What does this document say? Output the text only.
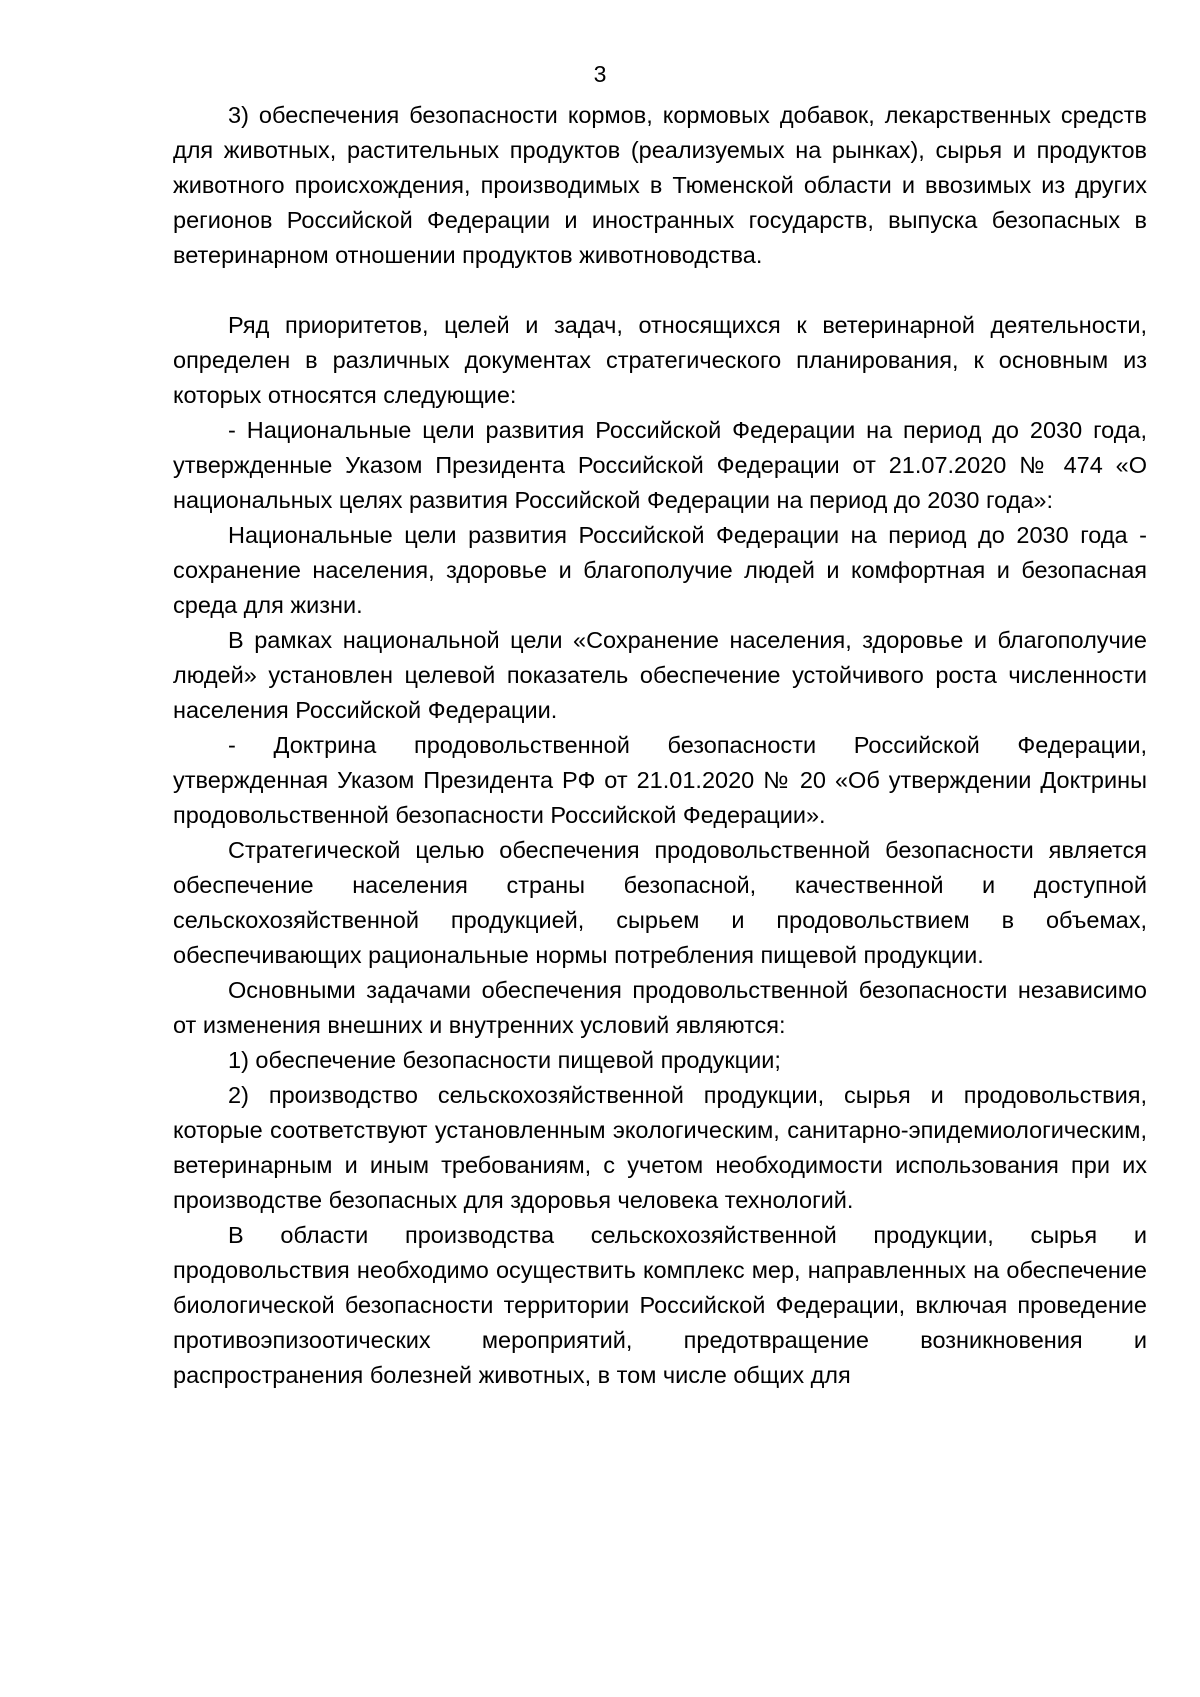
3

3) обеспечения безопасности кормов, кормовых добавок, лекарственных средств для животных, растительных продуктов (реализуемых на рынках), сырья и продуктов животного происхождения, производимых в Тюменской области и ввозимых из других регионов Российской Федерации и иностранных государств, выпуска безопасных в ветеринарном отношении продуктов животноводства.

Ряд приоритетов, целей и задач, относящихся к ветеринарной деятельности, определен в различных документах стратегического планирования, к основным из которых относятся следующие:

- Национальные цели развития Российской Федерации на период до 2030 года, утвержденные Указом Президента Российской Федерации от 21.07.2020 № 474 «О национальных целях развития Российской Федерации на период до 2030 года»:

Национальные цели развития Российской Федерации на период до 2030 года - сохранение населения, здоровье и благополучие людей и комфортная и безопасная среда для жизни.

В рамках национальной цели «Сохранение населения, здоровье и благополучие людей» установлен целевой показатель обеспечение устойчивого роста численности населения Российской Федерации.

- Доктрина продовольственной безопасности Российской Федерации, утвержденная Указом Президента РФ от 21.01.2020 № 20 «Об утверждении Доктрины продовольственной безопасности Российской Федерации».

Стратегической целью обеспечения продовольственной безопасности является обеспечение населения страны безопасной, качественной и доступной сельскохозяйственной продукцией, сырьем и продовольствием в объемах, обеспечивающих рациональные нормы потребления пищевой продукции.

Основными задачами обеспечения продовольственной безопасности независимо от изменения внешних и внутренних условий являются:

1) обеспечение безопасности пищевой продукции;

2) производство сельскохозяйственной продукции, сырья и продовольствия, которые соответствуют установленным экологическим, санитарно-эпидемиологическим, ветеринарным и иным требованиям, с учетом необходимости использования при их производстве безопасных для здоровья человека технологий.

В области производства сельскохозяйственной продукции, сырья и продовольствия необходимо осуществить комплекс мер, направленных на обеспечение биологической безопасности территории Российской Федерации, включая проведение противоэпизоотических мероприятий, предотвращение возникновения и распространения болезней животных, в том числе общих для
